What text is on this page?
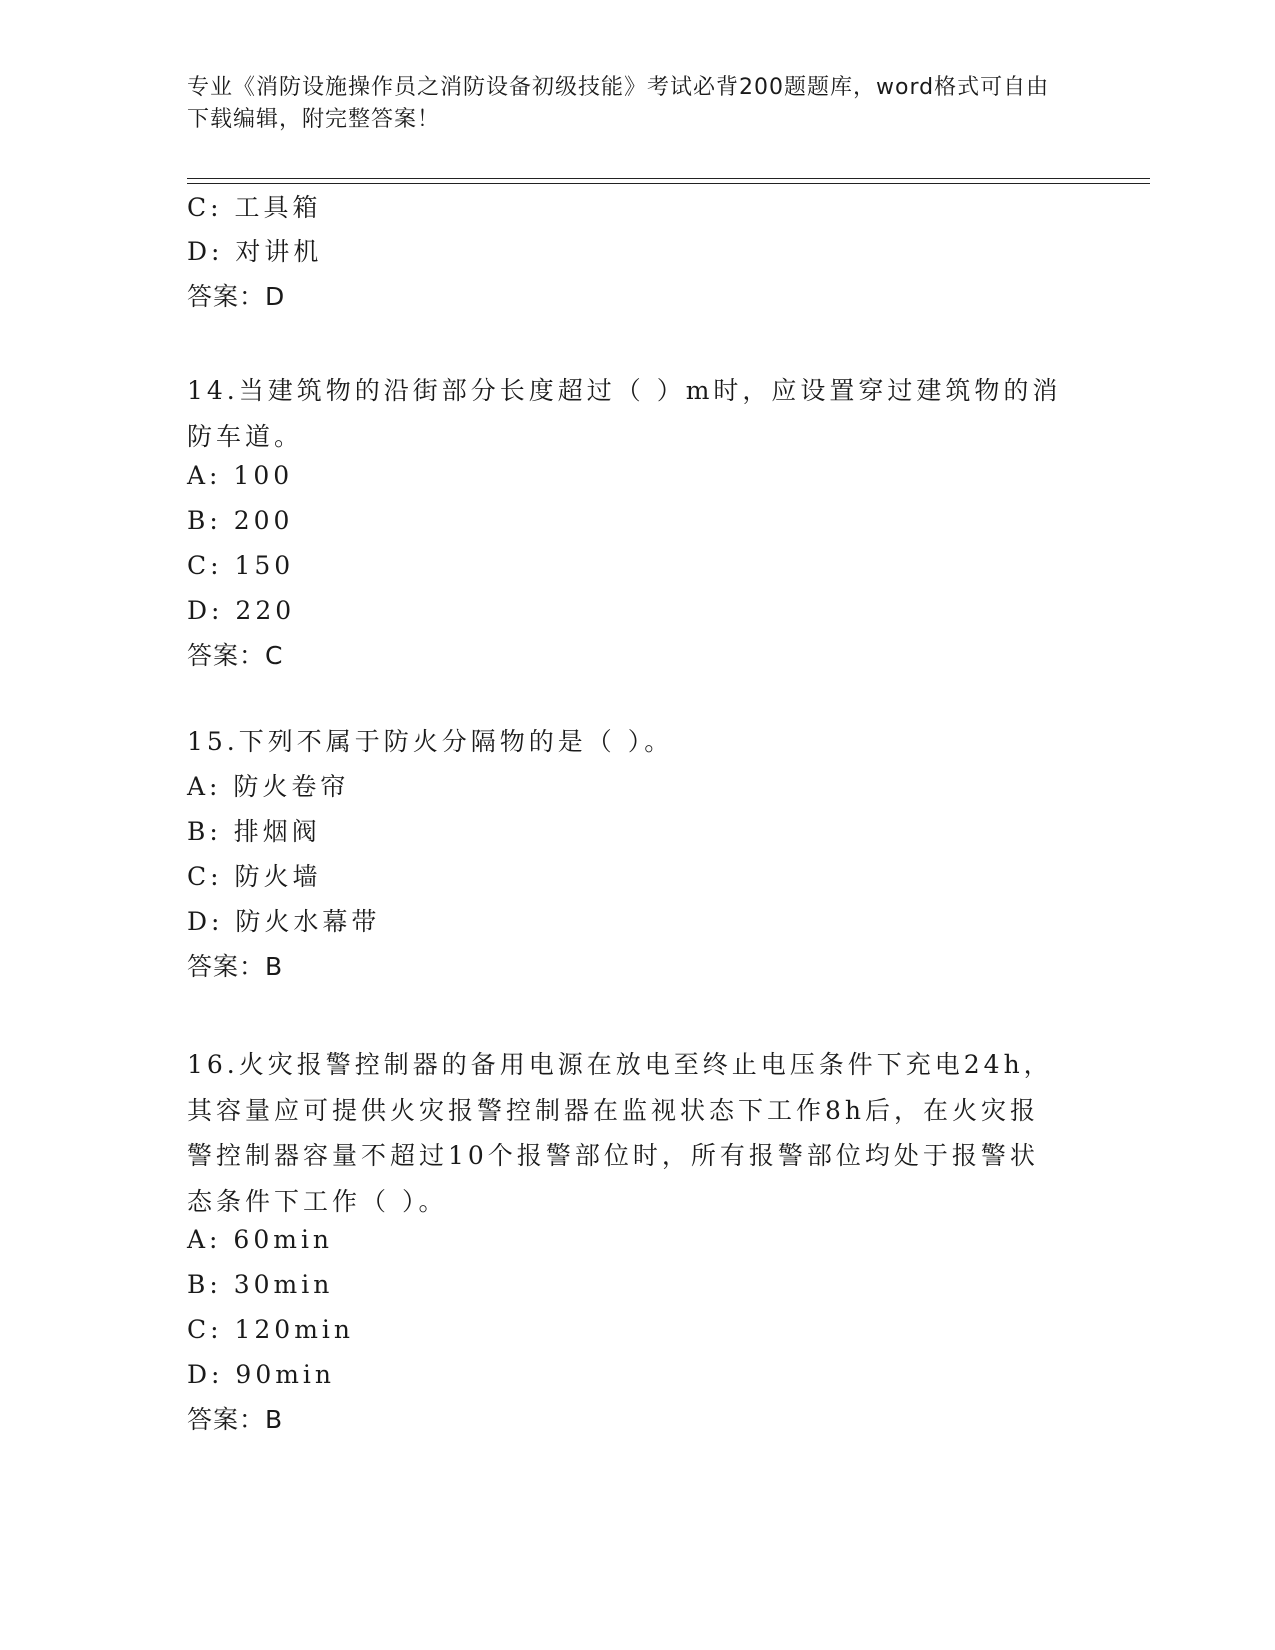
专业《消防设施操作员之消防设备初级技能》考试必背200题题库，word格式可自由下载编辑，附完整答案！
C: 工具箱
D: 对讲机
答案：D
14.当建筑物的沿街部分长度超过（ ）m时，应设置穿过建筑物的消防车道。
A: 100
B: 200
C: 150
D: 220
答案：C
15.下列不属于防火分隔物的是（ ）。
A: 防火卷帘
B: 排烟阀
C: 防火墙
D: 防火水幕带
答案：B
16.火灾报警控制器的备用电源在放电至终止电压条件下充电24h，其容量应可提供火灾报警控制器在监视状态下工作8h后，在火灾报警控制器容量不超过10个报警部位时，所有报警部位均处于报警状态条件下工作（ ）。
A: 60min
B: 30min
C: 120min
D: 90min
答案：B
